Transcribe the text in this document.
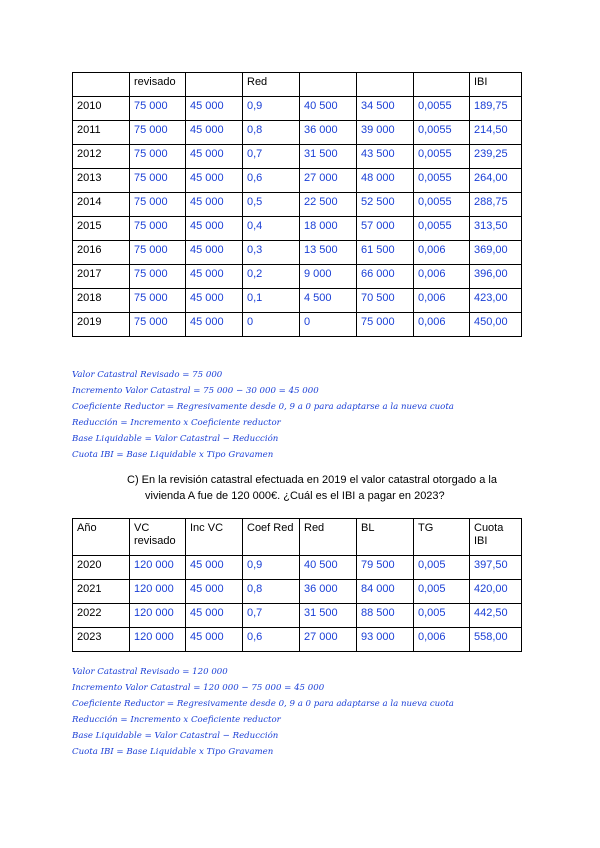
	revisado		Red				IBI
2010	75 000	45 000	0,9	40 500	34 500	0,0055	189,75
2011	75 000	45 000	0,8	36 000	39 000	0,0055	214,50
2012	75 000	45 000	0,7	31 500	43 500	0,0055	239,25
2013	75 000	45 000	0,6	27 000	48 000	0,0055	264,00
2014	75 000	45 000	0,5	22 500	52 500	0,0055	288,75
2015	75 000	45 000	0,4	18 000	57 000	0,0055	313,50
2016	75 000	45 000	0,3	13 500	61 500	0,006	369,00
2017	75 000	45 000	0,2	9 000	66 000	0,006	396,00
2018	75 000	45 000	0,1	4 500	70 500	0,006	423,00
2019	75 000	45 000	0	0	75 000	0,006	450,00
Valor Catastral Revisado = 75 000
Incremento Valor Catastral = 75 000 − 30 000 = 45 000
Coeficiente Reductor = Regresivamente desde 0, 9 a 0 para adaptarse a la nueva cuota
Reducción = Incremento x Coeficiente reductor
Base Liquidable = Valor Catastral − Reducción
Cuota IBI = Base Liquidable x Tipo Gravamen
C) En la revisión catastral efectuada en 2019 el valor catastral otorgado a la
vivienda A fue de 120 000€. ¿Cuál es el IBI a pagar en 2023?
Año	VC revisado	Inc VC	Coef Red	Red	BL	TG	Cuota IBI
2020	120 000	45 000	0,9	40 500	79 500	0,005	397,50
2021	120 000	45 000	0,8	36 000	84 000	0,005	420,00
2022	120 000	45 000	0,7	31 500	88 500	0,005	442,50
2023	120 000	45 000	0,6	27 000	93 000	0,006	558,00
Valor Catastral Revisado = 120 000
Incremento Valor Catastral = 120 000 − 75 000 = 45 000
Coeficiente Reductor = Regresivamente desde 0, 9 a 0 para adaptarse a la nueva cuota
Reducción = Incremento x Coeficiente reductor
Base Liquidable = Valor Catastral − Reducción
Cuota IBI = Base Liquidable x Tipo Gravamen
